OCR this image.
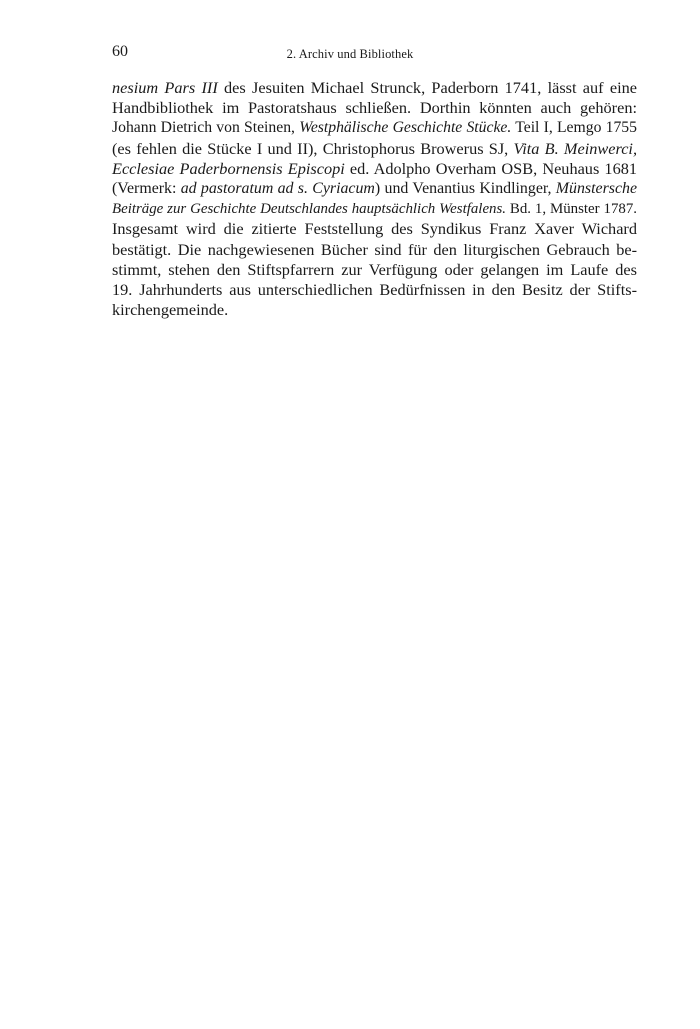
60	2. Archiv und Bibliothek
nesium Pars III des Jesuiten Michael Strunck, Paderborn 1741, lässt auf eine
Handbibliothek im Pastoratshaus schließen. Dorthin könnten auch gehören:
Johann Dietrich von Steinen, Westphälische Geschichte Stücke. Teil I, Lemgo 1755
(es fehlen die Stücke I und II), Christophorus Browerus SJ, Vita B. Meinwerci,
Ecclesiae Paderbornensis Episcopi ed. Adolpho Overham OSB, Neuhaus 1681
(Vermerk: ad pastoratum ad s. Cyriacum) und Venantius Kindlinger, Münstersche
Beiträge zur Geschichte Deutschlandes hauptsächlich Westfalens. Bd. 1, Münster 1787.
Insgesamt wird die zitierte Feststellung des Syndikus Franz Xaver Wichard
bestätigt. Die nachgewiesenen Bücher sind für den liturgischen Gebrauch be-
stimmt, stehen den Stiftspfarrern zur Verfügung oder gelangen im Laufe des
19. Jahrhunderts aus unterschiedlichen Bedürfnissen in den Besitz der Stifts-
kirchengemeinde.
